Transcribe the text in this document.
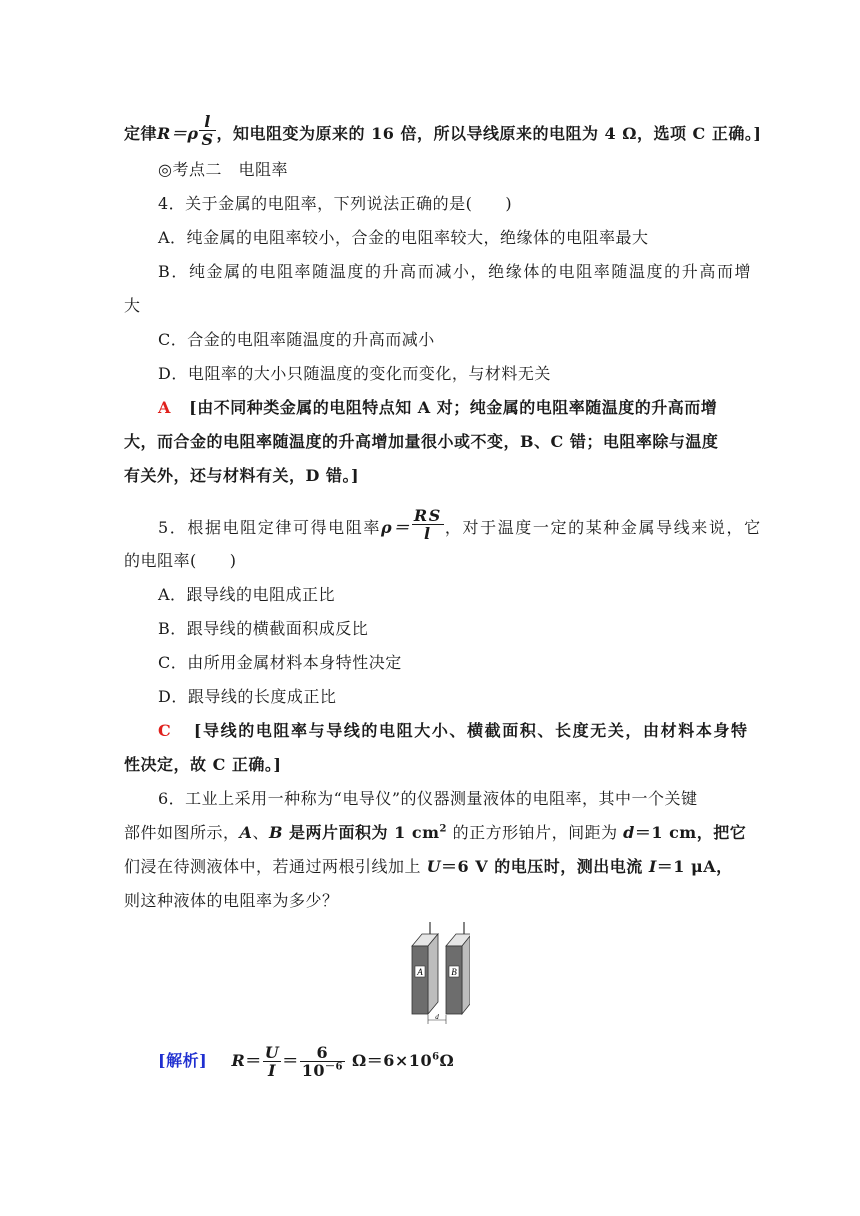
定律$R=\rho \frac{l}{S}$ ，知电阻变为原来的 16 倍，所以导线原来的电阻为 4 Ω，选项 C 正确。]
◎考点二　电阻率
4．关于金属的电阻率，下列说法正确的是(　　)
A．纯金属的电阻率较小，合金的电阻率较大，绝缘体的电阻率最大
B．纯金属的电阻率随温度的升高而减小，绝缘体的电阻率随温度的升高而增
大
C．合金的电阻率随温度的升高而减小
D．电阻率的大小只随温度的变化而变化，与材料无关
A [由不同种类金属的电阻特点知 A 对；纯金属的电阻率随温度的升高而增
大，而合金的电阻率随温度的升高增加量很小或不变，B、C 错；电阻率除与温度
有关外，还与材料有关，D 错。]
5．根据电阻定律可得电阻率$\rho= \frac{RS}{l}$ ，对于温度一定的某种金属导线来说，它
的电阻率(　　)
A．跟导线的电阻成正比
B．跟导线的横截面积成反比
C．由所用金属材料本身特性决定
D．跟导线的长度成正比
C [导线的电阻率与导线的电阻大小、横截面积、长度无关，由材料本身特
性决定，故 C 正确。]
6．工业上采用一种称为“电导仪”的仪器测量液体的电阻率，其中一个关键
部件如图所示，A、B 是两片面积为 1 $cm^2$ 的正方形铂片，间距为 d＝1 cm，把它
们浸在待测液体中，若通过两根引线加上 U＝6 V 的电压时，测出电流 I＝1 μA，
则这种液体的电阻率为多少？
A	B
d
[解析] $R= \frac{U}{I} = \frac{6}{10^{-6}} \Omega=6\times 10^6\Omega$
